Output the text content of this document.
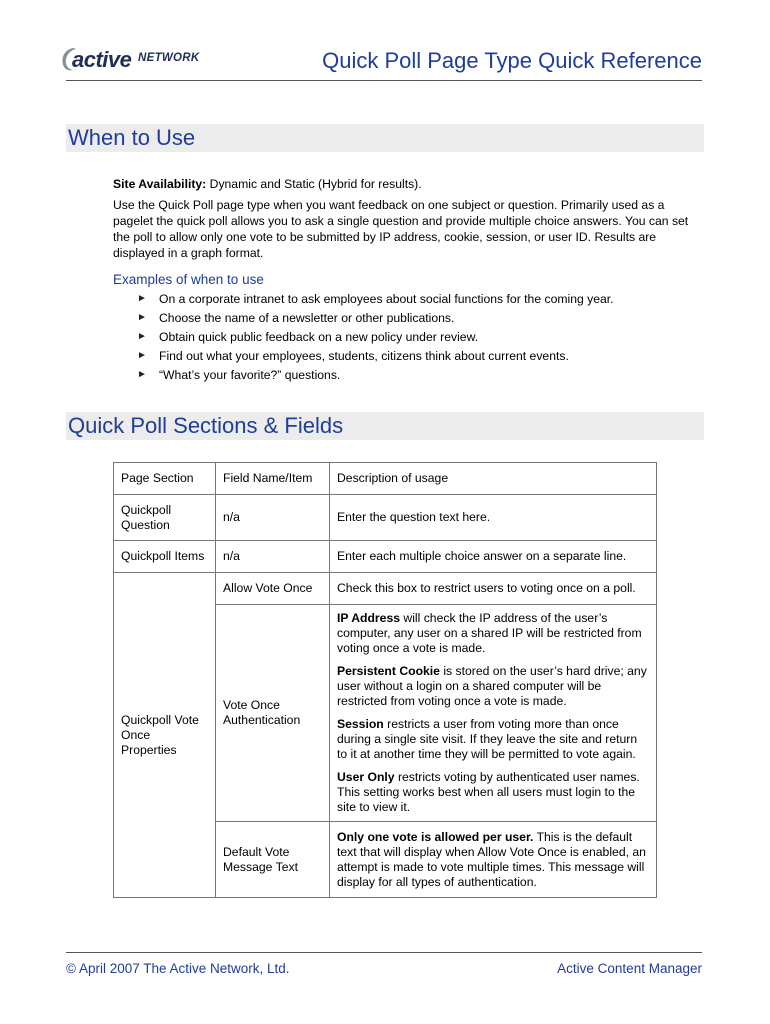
active NETWORK	Quick Poll Page Type Quick Reference
When to Use
Site Availability: Dynamic and Static (Hybrid for results).
Use the Quick Poll page type when you want feedback on one subject or question. Primarily used as a pagelet the quick poll allows you to ask a single question and provide multiple choice answers. You can set the poll to allow only one vote to be submitted by IP address, cookie, session, or user ID. Results are displayed in a graph format.
Examples of when to use
► On a corporate intranet to ask employees about social functions for the coming year.
► Choose the name of a newsletter or other publications.
► Obtain quick public feedback on a new policy under review.
► Find out what your employees, students, citizens think about current events.
► “What’s your favorite?” questions.
Quick Poll Sections & Fields
Page Section	Field Name/Item	Description of usage
Quickpoll Question	n/a	Enter the question text here.
Quickpoll Items	n/a	Enter each multiple choice answer on a separate line.
Quickpoll Vote Once Properties	Allow Vote Once	Check this box to restrict users to voting once on a poll.
	Vote Once Authentication	IP Address will check the IP address of the user’s computer, any user on a shared IP will be restricted from voting once a vote is made.

Persistent Cookie is stored on the user’s hard drive; any user without a login on a shared computer will be restricted from voting once a vote is made.

Session restricts a user from voting more than once during a single site visit. If they leave the site and return to it at another time they will be permitted to vote again.

User Only restricts voting by authenticated user names. This setting works best when all users must login to the site to view it.

	Default Vote Message Text	Only one vote is allowed per user. This is the default text that will display when Allow Vote Once is enabled, an attempt is made to vote multiple times. This message will display for all types of authentication.
© April 2007 The Active Network, Ltd.	Active Content Manager
